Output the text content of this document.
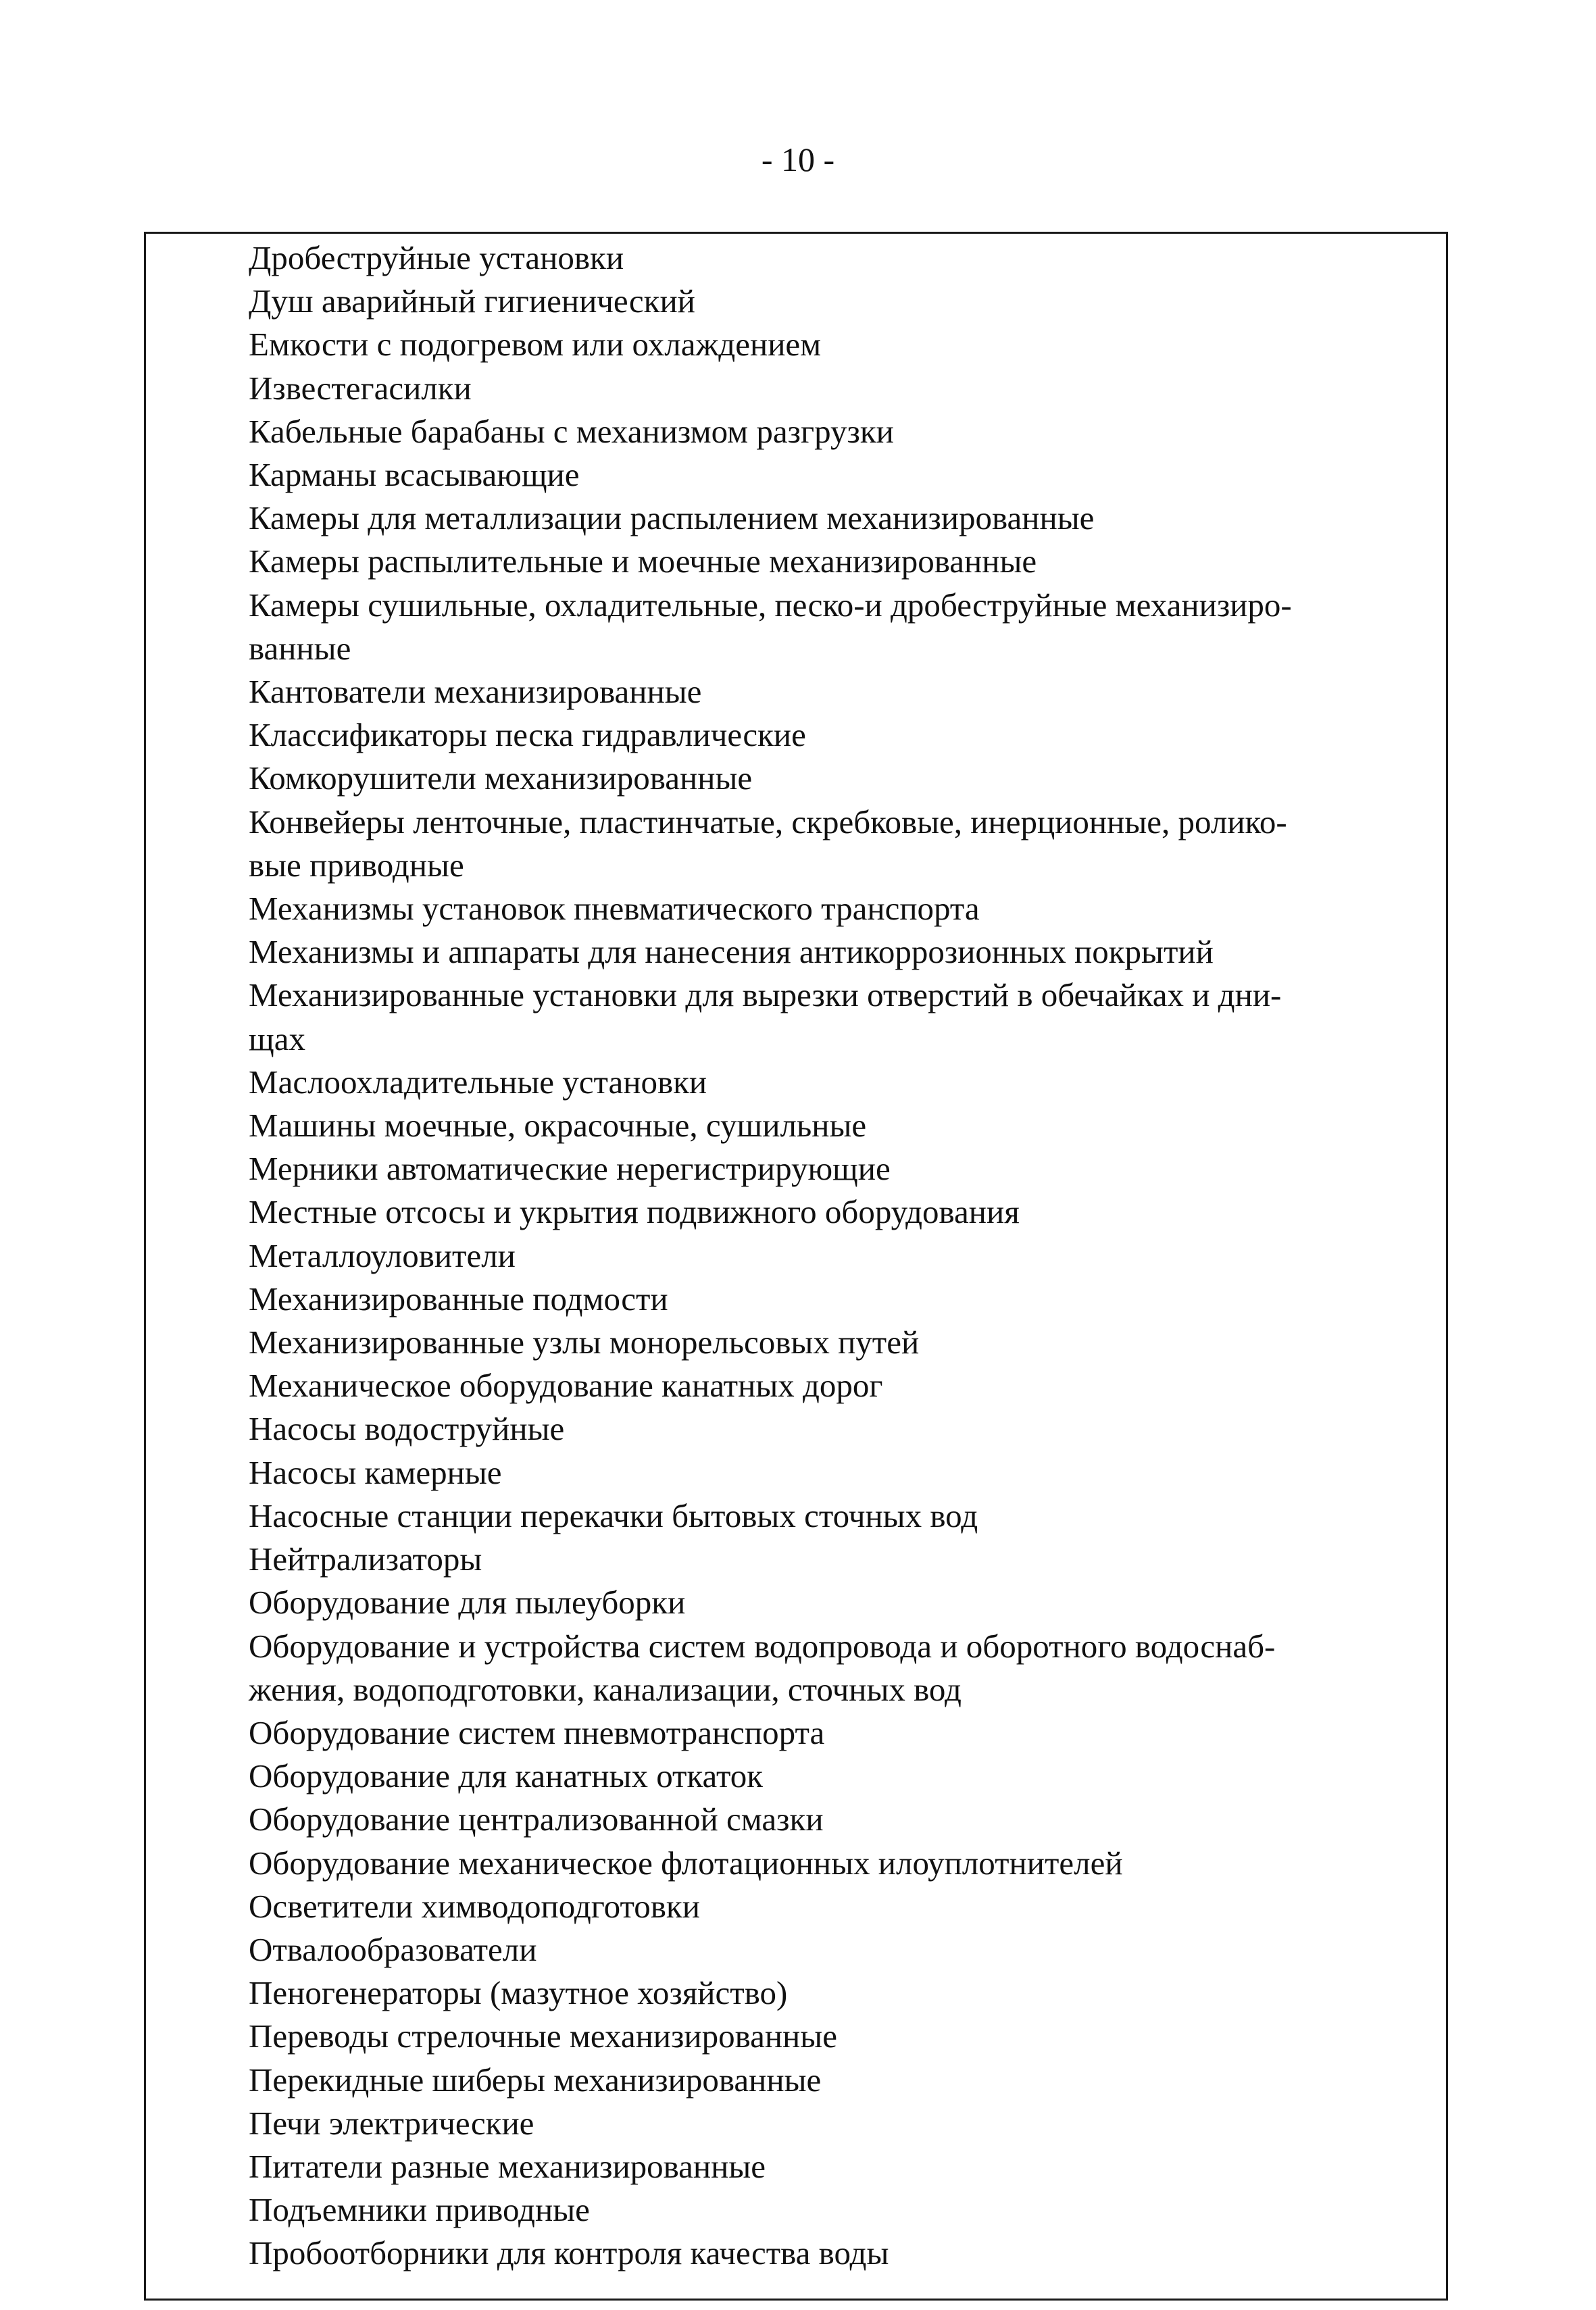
- 10 -
Дробеструйные установки
Душ аварийный гигиенический
Емкости с подогревом или охлаждением
Известегасилки
Кабельные барабаны с механизмом разгрузки
Карманы всасывающие
Камеры для металлизации распылением механизированные
Камеры распылительные и моечные механизированные
Камеры сушильные, охладительные, песко-и дробеструйные механизиро-
ванные
Кантователи механизированные
Классификаторы песка гидравлические
Комкорушители механизированные
Конвейеры ленточные, пластинчатые, скребковые, инерционные, ролико-
вые приводные
Механизмы установок пневматического транспорта
Механизмы и аппараты для нанесения антикоррозионных покрытий
Механизированные установки для вырезки отверстий в обечайках и дни-
щах
Маслоохладительные установки
Машины моечные, окрасочные, сушильные
Мерники автоматические нерегистрирующие
Местные отсосы и укрытия подвижного оборудования
Металлоуловители
Механизированные подмости
Механизированные узлы монорельсовых путей
Механическое оборудование канатных дорог
Насосы водоструйные
Насосы камерные
Насосные станции перекачки бытовых сточных вод
Нейтрализаторы
Оборудование для пылеуборки
Оборудование и устройства систем водопровода и оборотного водоснаб-
жения, водоподготовки, канализации, сточных вод
Оборудование систем пневмотранспорта
Оборудование для канатных откаток
Оборудование централизованной смазки
Оборудование механическое флотационных илоуплотнителей
Осветители химводоподготовки
Отвалообразователи
Пеногенераторы (мазутное хозяйство)
Переводы стрелочные механизированные
Перекидные шиберы механизированные
Печи электрические
Питатели разные механизированные
Подъемники приводные
Пробоотборники для контроля качества воды
